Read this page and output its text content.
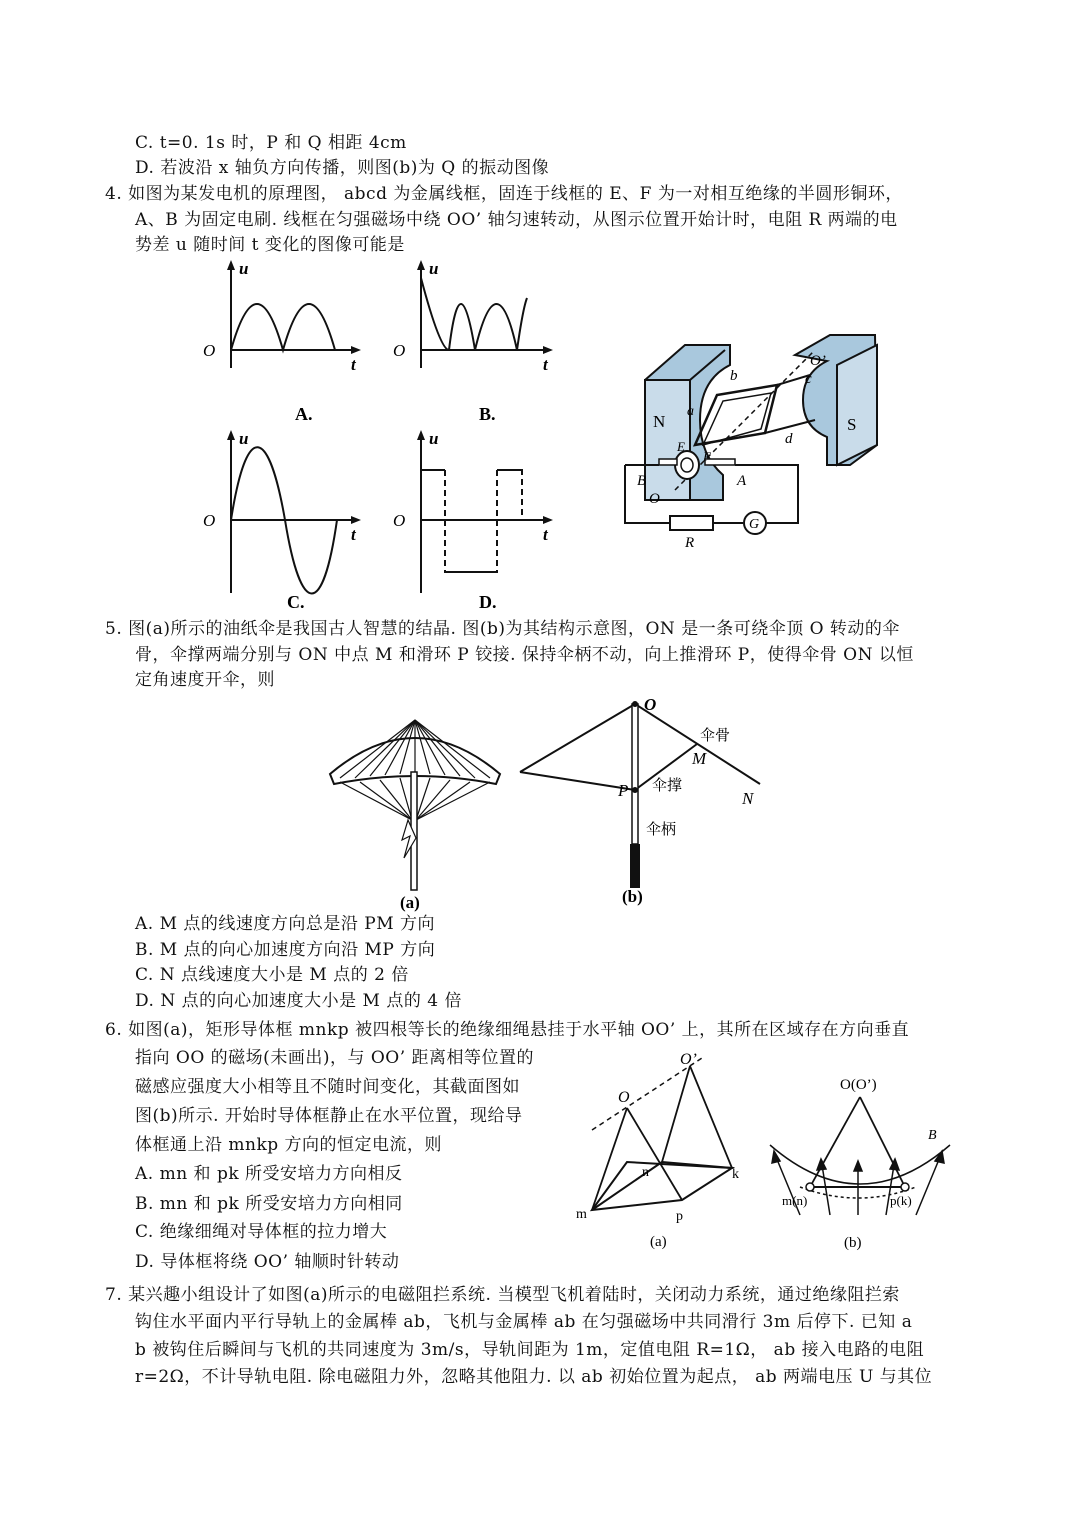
C. t=0. 1s 时，P 和 Q 相距 4cm
D. 若波沿 x 轴负方向传播，则图(b)为 Q 的振动图像
4. 如图为某发电机的原理图， abcd 为金属线框，固连于线框的 E、F 为一对相互绝缘的半圆形铜环，
A、B 为固定电刷. 线框在匀强磁场中绕 OO’ 轴匀速转动，从图示位置开始计时，电阻 R 两端的电
势差 u 随时间 t 变化的图像可能是
u
O
t
A.
u
O
t
B.
u
O
t
C.
u
O
t
D.
G
R
B	A
O
O’
b	c
d
a
N	S
F
E
5. 图(a)所示的油纸伞是我国古人智慧的结晶. 图(b)为其结构示意图，ON 是一条可绕伞顶 O 转动的伞
骨，伞撑两端分别与 ON 中点 M 和滑环 P 铰接. 保持伞柄不动，向上推滑环 P，使得伞骨 ON 以恒
定角速度开伞，则
(a)
O
M
N
P
伞骨
伞撑
伞柄
(b)
A. M 点的线速度方向总是沿 PM 方向
B. M 点的向心加速度方向沿 MP 方向
C. N 点线速度大小是 M 点的 2 倍
D. N 点的向心加速度大小是 M 点的 4 倍
6. 如图(a)，矩形导体框 mnkp 被四根等长的绝缘细绳悬挂于水平轴 OO’ 上，其所在区域存在方向垂直
指向 OO 的磁场(未画出)，与 OO’ 距离相等位置的
磁感应强度大小相等且不随时间变化，其截面图如
图(b)所示. 开始时导体框静止在水平位置，现给导
体框通上沿 mnkp 方向的恒定电流，则
A. mn 和 pk 所受安培力方向相反
B. mn 和 pk 所受安培力方向相同
C. 绝缘细绳对导体框的拉力增大
D. 导体框将绕 OO’ 轴顺时针转动
O
O’
m
n	k
p
(a)
O(O’)
m(n)	p(k)
B
(b)
7. 某兴趣小组设计了如图(a)所示的电磁阻拦系统. 当模型飞机着陆时，关闭动力系统，通过绝缘阻拦索
钩住水平面内平行导轨上的金属棒 ab，飞机与金属棒 ab 在匀强磁场中共同滑行 3m 后停下. 已知 a
b 被钩住后瞬间与飞机的共同速度为 3m/s，导轨间距为 1m，定值电阻 R=1Ω， ab 接入电路的电阻
r=2Ω，不计导轨电阻. 除电磁阻力外，忽略其他阻力. 以 ab 初始位置为起点， ab 两端电压 U 与其位
